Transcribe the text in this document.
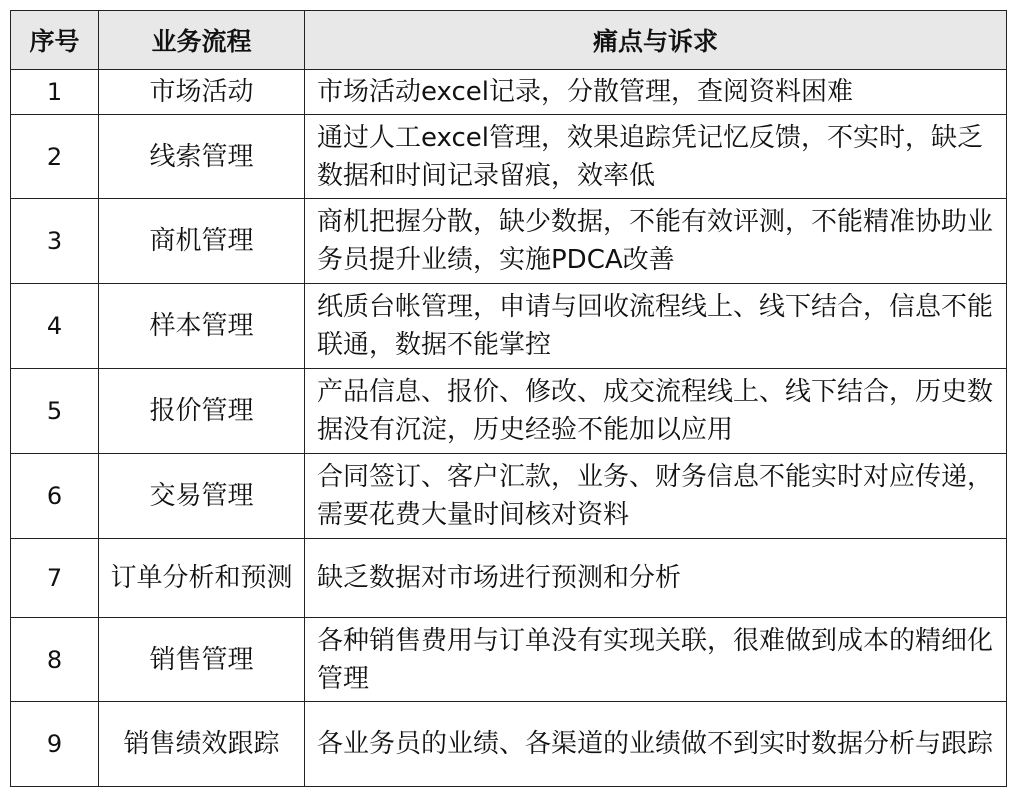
序号	业务流程	痛点与诉求
1	市场活动	市场活动excel记录，分散管理，查阅资料困难
2	线索管理	通过人工excel管理，效果追踪凭记忆反馈，不实时，缺乏数据和时间记录留痕，效率低
3	商机管理	商机把握分散，缺少数据，不能有效评测，不能精准协助业务员提升业绩，实施PDCA改善
4	样本管理	纸质台帐管理，申请与回收流程线上、线下结合，信息不能联通，数据不能掌控
5	报价管理	产品信息、报价、修改、成交流程线上、线下结合，历史数据没有沉淀，历史经验不能加以应用
6	交易管理	合同签订、客户汇款，业务、财务信息不能实时对应传递，需要花费大量时间核对资料
7	订单分析和预测	缺乏数据对市场进行预测和分析
8	销售管理	各种销售费用与订单没有实现关联，很难做到成本的精细化管理
9	销售绩效跟踪	各业务员的业绩、各渠道的业绩做不到实时数据分析与跟踪
